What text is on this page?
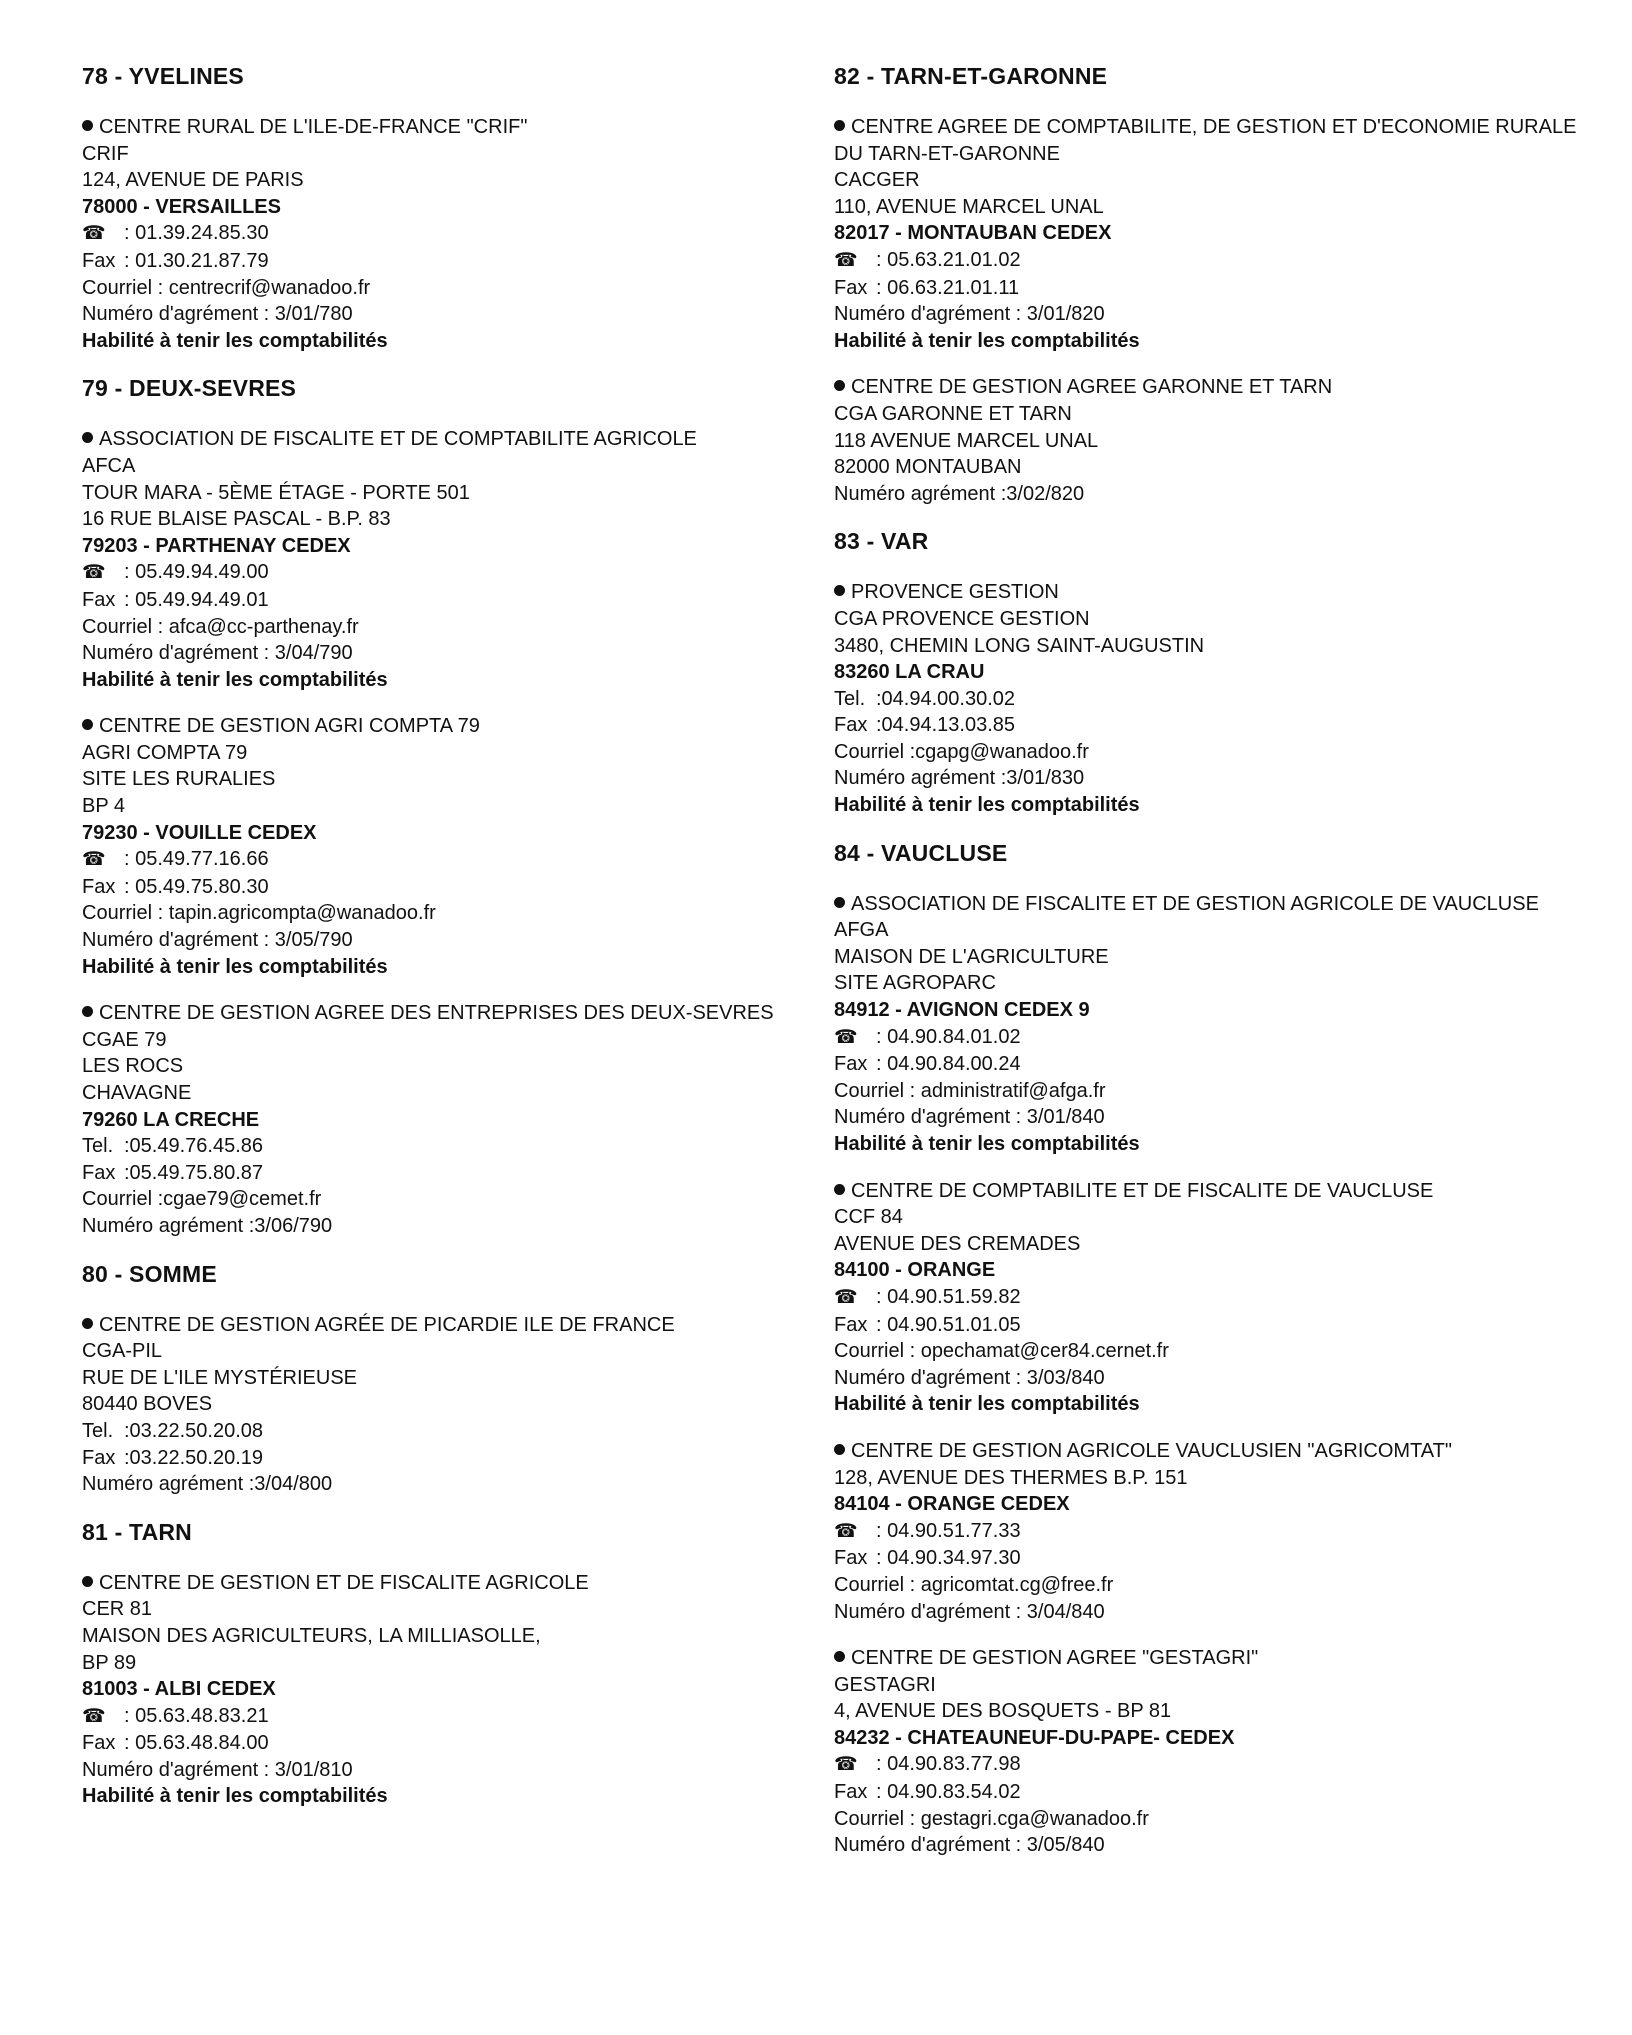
78 - YVELINES
CENTRE RURAL DE L'ILE-DE-FRANCE "CRIF"
CRIF
124, AVENUE DE PARIS
78000 - VERSAILLES
☎ : 01.39.24.85.30
Fax : 01.30.21.87.79
Courriel : centrecrif@wanadoo.fr
Numéro d'agrément : 3/01/780
Habilité à tenir les comptabilités
79 - DEUX-SEVRES
ASSOCIATION DE FISCALITE ET DE COMPTABILITE AGRICOLE
AFCA
TOUR MARA - 5ÈME ÉTAGE - PORTE 501
16 RUE BLAISE PASCAL - B.P. 83
79203 - PARTHENAY CEDEX
☎ : 05.49.94.49.00
Fax : 05.49.94.49.01
Courriel : afca@cc-parthenay.fr
Numéro d'agrément : 3/04/790
Habilité à tenir les comptabilités
CENTRE DE GESTION AGRI COMPTA 79
AGRI COMPTA 79
SITE LES RURALIES
BP 4
79230 - VOUILLE CEDEX
☎ : 05.49.77.16.66
Fax : 05.49.75.80.30
Courriel : tapin.agricompta@wanadoo.fr
Numéro d'agrément : 3/05/790
Habilité à tenir les comptabilités
CENTRE DE GESTION AGREE DES ENTREPRISES DES DEUX-SEVRES
CGAE 79
LES ROCS
CHAVAGNE
79260 LA CRECHE
Tel. :05.49.76.45.86
Fax :05.49.75.80.87
Courriel :cgae79@cemet.fr
Numéro agrément :3/06/790
80 - SOMME
CENTRE DE GESTION AGRÉE DE PICARDIE ILE DE FRANCE
CGA-PIL
RUE DE L'ILE MYSTÉRIEUSE
80440 BOVES
Tel. :03.22.50.20.08
Fax :03.22.50.20.19
Numéro agrément :3/04/800
81 - TARN
CENTRE DE GESTION ET DE FISCALITE AGRICOLE
CER 81
MAISON DES AGRICULTEURS, LA MILLIASOLLE,
BP 89
81003 - ALBI CEDEX
☎ : 05.63.48.83.21
Fax : 05.63.48.84.00
Numéro d'agrément : 3/01/810
Habilité à tenir les comptabilités
82 - TARN-ET-GARONNE
CENTRE AGREE DE COMPTABILITE, DE GESTION ET D'ECONOMIE RURALE DU TARN-ET-GARONNE
CACGER
110, AVENUE MARCEL UNAL
82017 - MONTAUBAN CEDEX
☎ : 05.63.21.01.02
Fax : 06.63.21.01.11
Numéro d'agrément : 3/01/820
Habilité à tenir les comptabilités
CENTRE DE GESTION AGREE GARONNE ET TARN
CGA GARONNE ET TARN
118 AVENUE MARCEL UNAL
82000 MONTAUBAN
Numéro agrément :3/02/820
83 - VAR
PROVENCE GESTION
CGA PROVENCE GESTION
3480, CHEMIN LONG SAINT-AUGUSTIN
83260 LA CRAU
Tel. :04.94.00.30.02
Fax :04.94.13.03.85
Courriel :cgapg@wanadoo.fr
Numéro agrément :3/01/830
Habilité à tenir les comptabilités
84 - VAUCLUSE
ASSOCIATION DE FISCALITE ET DE GESTION AGRICOLE DE VAUCLUSE
AFGA
MAISON DE L'AGRICULTURE
SITE AGROPARC
84912 - AVIGNON CEDEX 9
☎ : 04.90.84.01.02
Fax : 04.90.84.00.24
Courriel : administratif@afga.fr
Numéro d'agrément : 3/01/840
Habilité à tenir les comptabilités
CENTRE DE COMPTABILITE ET DE FISCALITE DE VAUCLUSE
CCF 84
AVENUE DES CREMADES
84100 - ORANGE
☎ : 04.90.51.59.82
Fax : 04.90.51.01.05
Courriel : opechamat@cer84.cernet.fr
Numéro d'agrément : 3/03/840
Habilité à tenir les comptabilités
CENTRE DE GESTION AGRICOLE VAUCLUSIEN "AGRICOMTAT"
128, AVENUE DES THERMES B.P. 151
84104 - ORANGE CEDEX
☎ : 04.90.51.77.33
Fax : 04.90.34.97.30
Courriel : agricomtat.cg@free.fr
Numéro d'agrément : 3/04/840
CENTRE DE GESTION AGREE "GESTAGRI"
GESTAGRI
4, AVENUE DES BOSQUETS - BP 81
84232 - CHATEAUNEUF-DU-PAPE- CEDEX
☎ : 04.90.83.77.98
Fax : 04.90.83.54.02
Courriel : gestagri.cga@wanadoo.fr
Numéro d'agrément : 3/05/840
